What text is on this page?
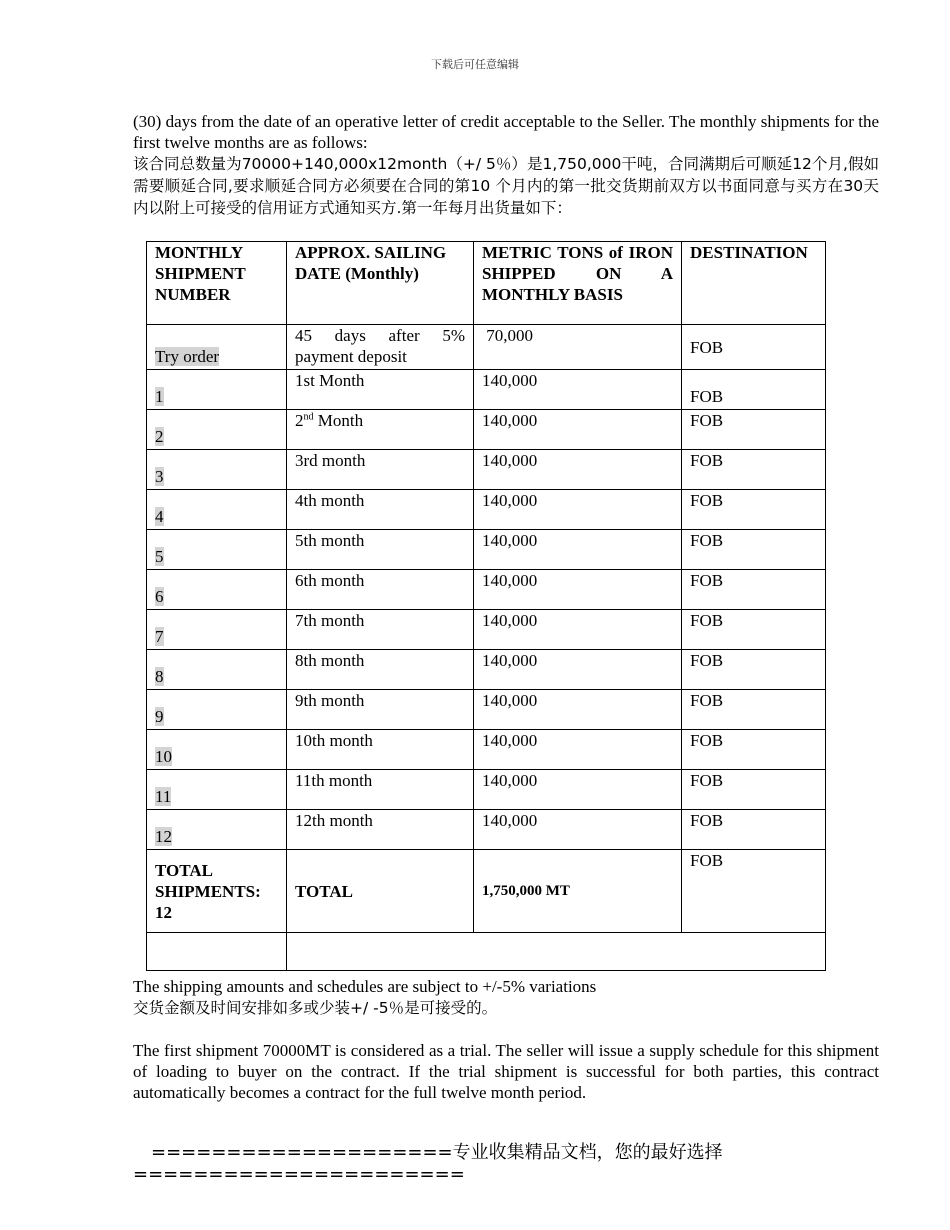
下载后可任意编辑

(30) days from the date of an operative letter of credit acceptable to the Seller. The monthly shipments for the first twelve months are as follows:

该合同总数量为70000+140,000x12month（+/ 5％）是1,750,000干吨，合同满期后可顺延12个月,假如需要顺延合同,要求顺延合同方必须要在合同的第10 个月内的第一批交货期前双方以书面同意与买方在30天内以附上可接受的信用证方式通知买方.第一年每月出货量如下：

MONTHLY SHIPMENT NUMBER	APPROX. SAILING DATE (Monthly)	METRIC TONS of IRON SHIPPED ON A MONTHLY BASIS	DESTINATION
Try order	45 days after 5% payment deposit	70,000	FOB
1	1st Month	140,000	FOB
2	2nd Month	140,000	FOB
3	3rd month	140,000	FOB
4	4th month	140,000	FOB
5	5th month	140,000	FOB
6	6th month	140,000	FOB
7	7th month	140,000	FOB
8	8th month	140,000	FOB
9	9th month	140,000	FOB
10	10th month	140,000	FOB
11	11th month	140,000	FOB
12	12th month	140,000	FOB
TOTAL SHIPMENTS: 12	TOTAL	1,750,000 MT	FOB

The shipping amounts and schedules are subject to +/-5% variations

交货金额及时间安排如多或少装+/ -5％是可接受的。

The first shipment 70000MT is considered as a trial. The seller will issue a supply schedule for this shipment of loading to buyer on the contract. If the trial shipment is successful for both parties, this contract automatically becomes a contract for the full twelve month period.
====================专业收集精品文档，您的最好选择
======================
